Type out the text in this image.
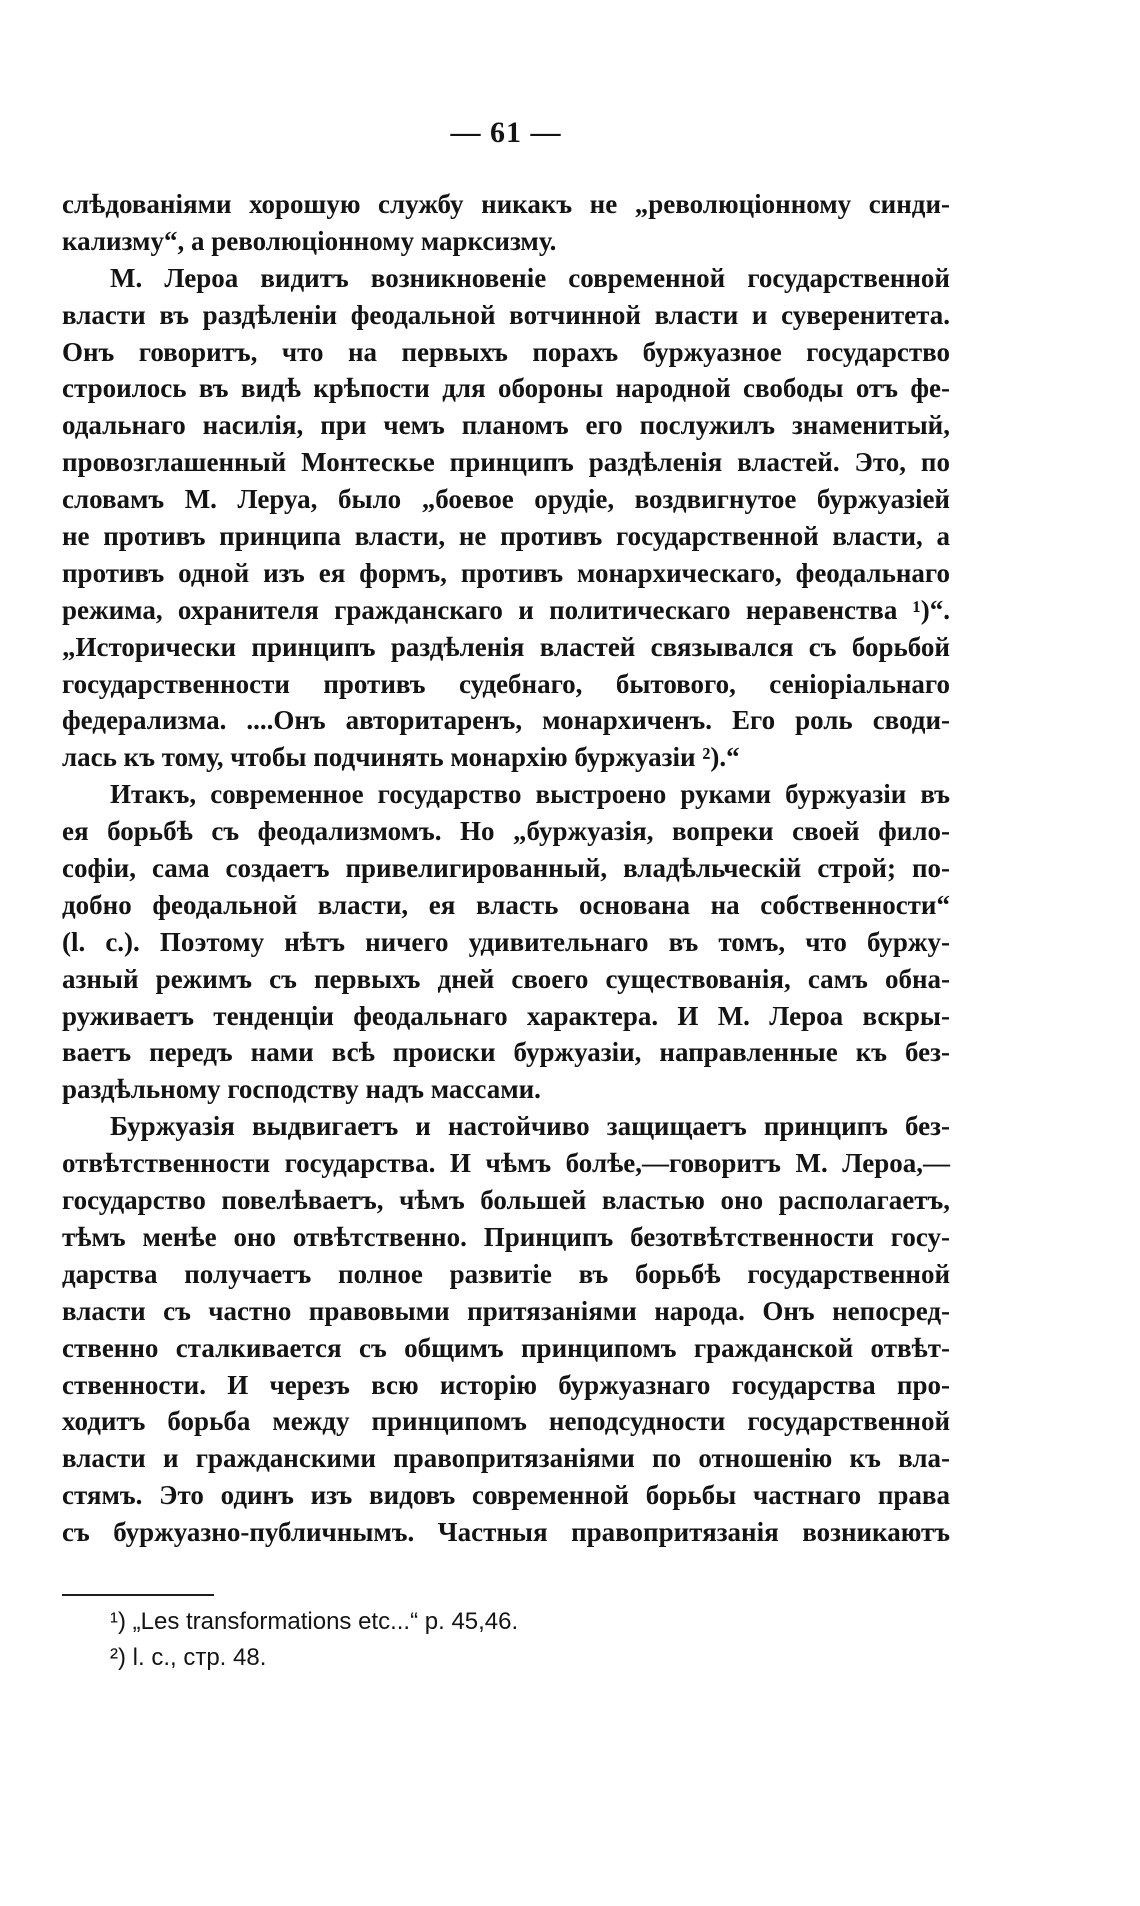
— 61 —
слѣдованіями хорошую службу никакъ не „революціонному синди-
кализму“, а революціонному марксизму.
М. Лероа видитъ возникновеніе современной государственной
власти въ раздѣленіи феодальной вотчинной власти и суверенитета.
Онъ говоритъ, что на первыхъ порахъ буржуазное государство
строилось въ видѣ крѣпости для обороны народной свободы отъ фе-
одальнаго насилія, при чемъ планомъ его послужилъ знаменитый,
провозглашенный Монтескье принципъ раздѣленія властей. Это, по
словамъ М. Леруа, было „боевое орудіе, воздвигнутое буржуазіей
не противъ принципа власти, не противъ государственной власти, а
противъ одной изъ ея формъ, противъ монархическаго, феодальнаго
режима, охранителя гражданскаго и политическаго неравенства ¹)“.
„Исторически принципъ раздѣленія властей связывался съ борьбой
государственности противъ судебнаго, бытового, сеніоріальнаго
федерализма. ....Онъ авторитаренъ, монархиченъ. Его роль своди-
лась къ тому, чтобы подчинять монархію буржуазіи ²).“
Итакъ, современное государство выстроено руками буржуазіи въ
ея борьбѣ съ феодализмомъ. Но „буржуазія, вопреки своей фило-
софіи, сама создаетъ привелигированный, владѣльческій строй; по-
добно феодальной власти, ея власть основана на собственности“
(l. с.). Поэтому нѣтъ ничего удивительнаго въ томъ, что буржу-
азный режимъ съ первыхъ дней своего существованія, самъ обна-
руживаетъ тенденціи феодальнаго характера. И М. Лероа вскры-
ваетъ передъ нами всѣ происки буржуазіи, направленные къ без-
раздѣльному господству надъ массами.
Буржуазія выдвигаетъ и настойчиво защищаетъ принципъ без-
отвѣтственности государства. И чѣмъ болѣе,—говоритъ М. Лероа,—
государство повелѣваетъ, чѣмъ большей властью оно располагаетъ,
тѣмъ менѣе оно отвѣтственно. Принципъ безотвѣтственности госу-
дарства получаетъ полное развитіе въ борьбѣ государственной
власти съ частно правовыми притязаніями народа. Онъ непосред-
ственно сталкивается съ общимъ принципомъ гражданской отвѣт-
ственности. И черезъ всю исторію буржуазнаго государства про-
ходитъ борьба между принципомъ неподсудности государственной
власти и гражданскими правопритязаніями по отношенію къ вла-
стямъ. Это одинъ изъ видовъ современной борьбы частнаго права
съ буржуазно-публичнымъ. Частныя правопритязанія возникаютъ
¹) „Les transformations etc...“ р. 45,46.
²) l. с., стр. 48.
